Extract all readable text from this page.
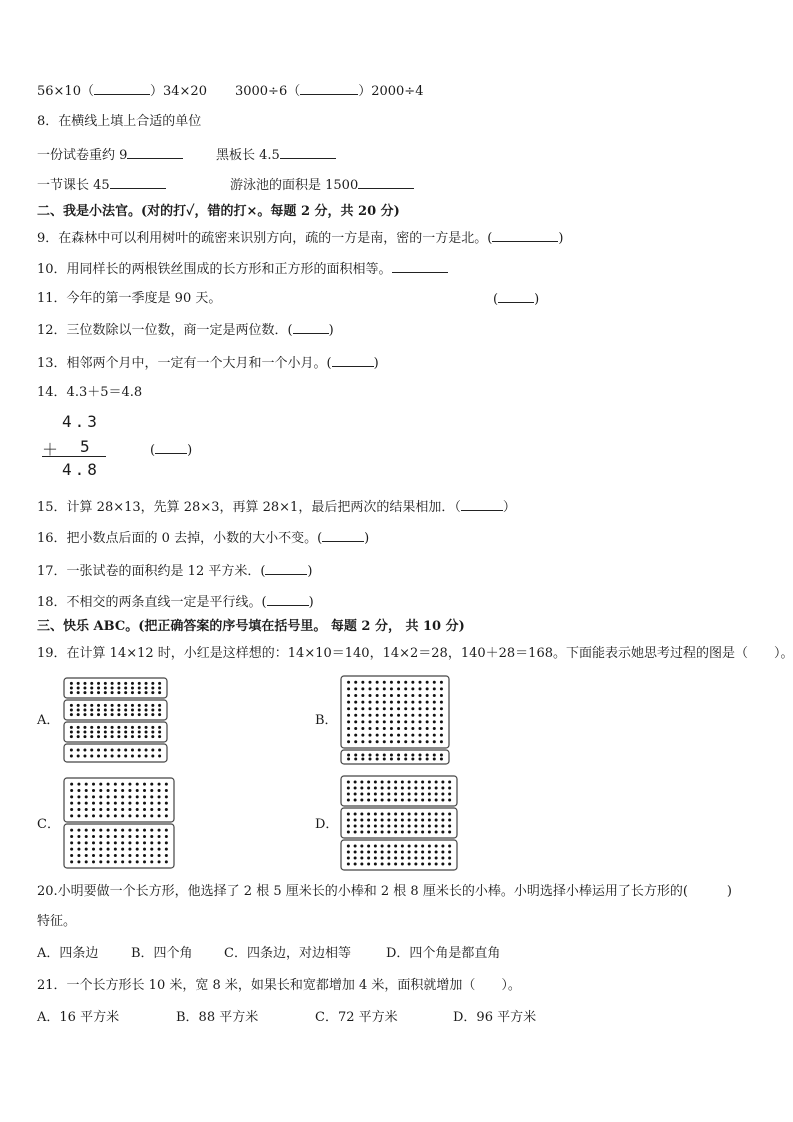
56×10（	）34×20 3000÷6（	）2000÷4
8．在横线上填上合适的单位
一份试卷重约 9	黑板长 4.5
一节课长 45	游泳池的面积是 1500
二、我是小法官。(对的打✓，错的打×。每题 2 分，共 20 分)
9．在森林中可以利用树叶的疏密来识别方向，疏的一方是南，密的一方是北。(	)
10．用同样长的两根铁丝围成的长方形和正方形的面积相等。
11．今年的第一季度是 90 天。	(	)
12．三位数除以一位数，商一定是两位数．(	)
13．相邻两个月中，一定有一个大月和一个小月。(	)
14．4.3＋5＝4.8
4.3
＋ 5
4.8
( )
15．计算 28×13，先算 28×3，再算 28×1，最后把两次的结果相加．（	）
16．把小数点后面的 0 去掉，小数的大小不变。(	)
17．一张试卷的面积约是 12 平方米．(	)
18．不相交的两条直线一定是平行线。(	)
三、快乐 ABC。(把正确答案的序号填在括号里。 每题 2 分， 共 10 分)
19．在计算 14×12 时，小红是这样想的：14×10＝140，14×2＝28，140＋28＝168。下面能表示她思考过程的图是（　　）。
A．	B．
C．	D．
20.小明要做一个长方形，他选择了 2 根 5 厘米长的小棒和 2 根 8 厘米长的小棒。小明选择小棒运用了长方形的(　　　)
特征。
A．四条边	B．四个角 C．四条边，对边相等	D．四个角是都直角
21．一个长方形长 10 米，宽 8 米，如果长和宽都增加 4 米，面积就增加（　　）。
A．16 平方米	B．88 平方米	C．72 平方米	D．96 平方米
